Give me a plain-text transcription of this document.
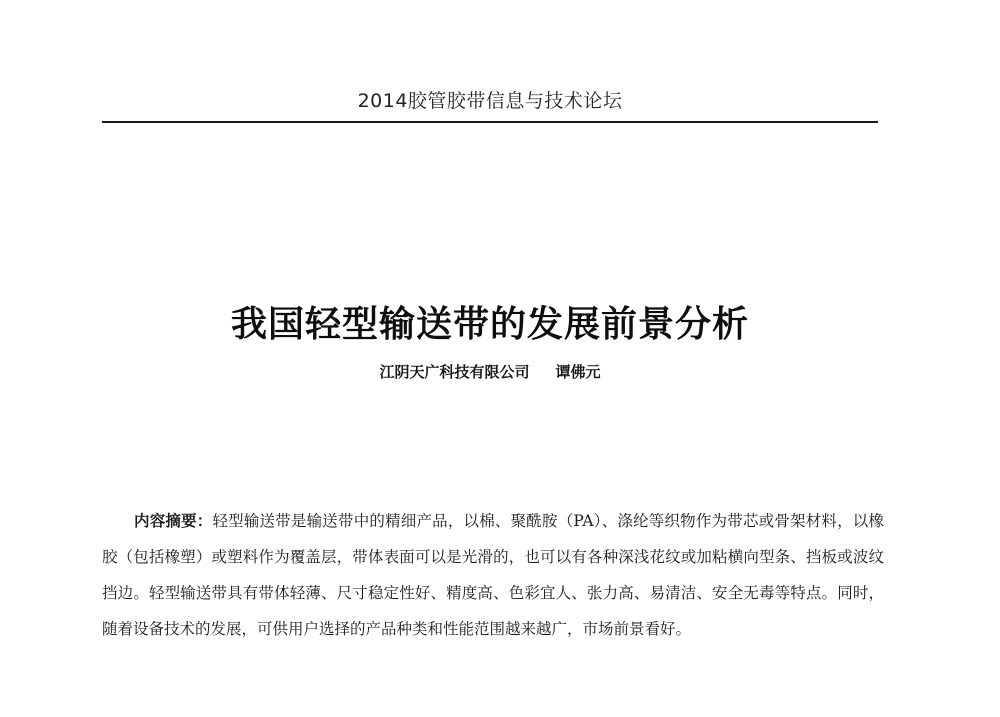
2014胶管胶带信息与技术论坛
我国轻型输送带的发展前景分析
江阴天广科技有限公司 谭佛元

内容摘要：轻型输送带是输送带中的精细产品，以棉、聚酰胺（PA）、涤纶等织物作为带芯或骨架材料，以橡胶（包括橡塑）或塑料作为覆盖层，带体表面可以是光滑的，也可以有各种深浅花纹或加粘横向型条、挡板或波纹挡边。轻型输送带具有带体轻薄、尺寸稳定性好、精度高、色彩宜人、张力高、易清洁、安全无毒等特点。同时，随着设备技术的发展，可供用户选择的产品种类和性能范围越来越广，市场前景看好。
